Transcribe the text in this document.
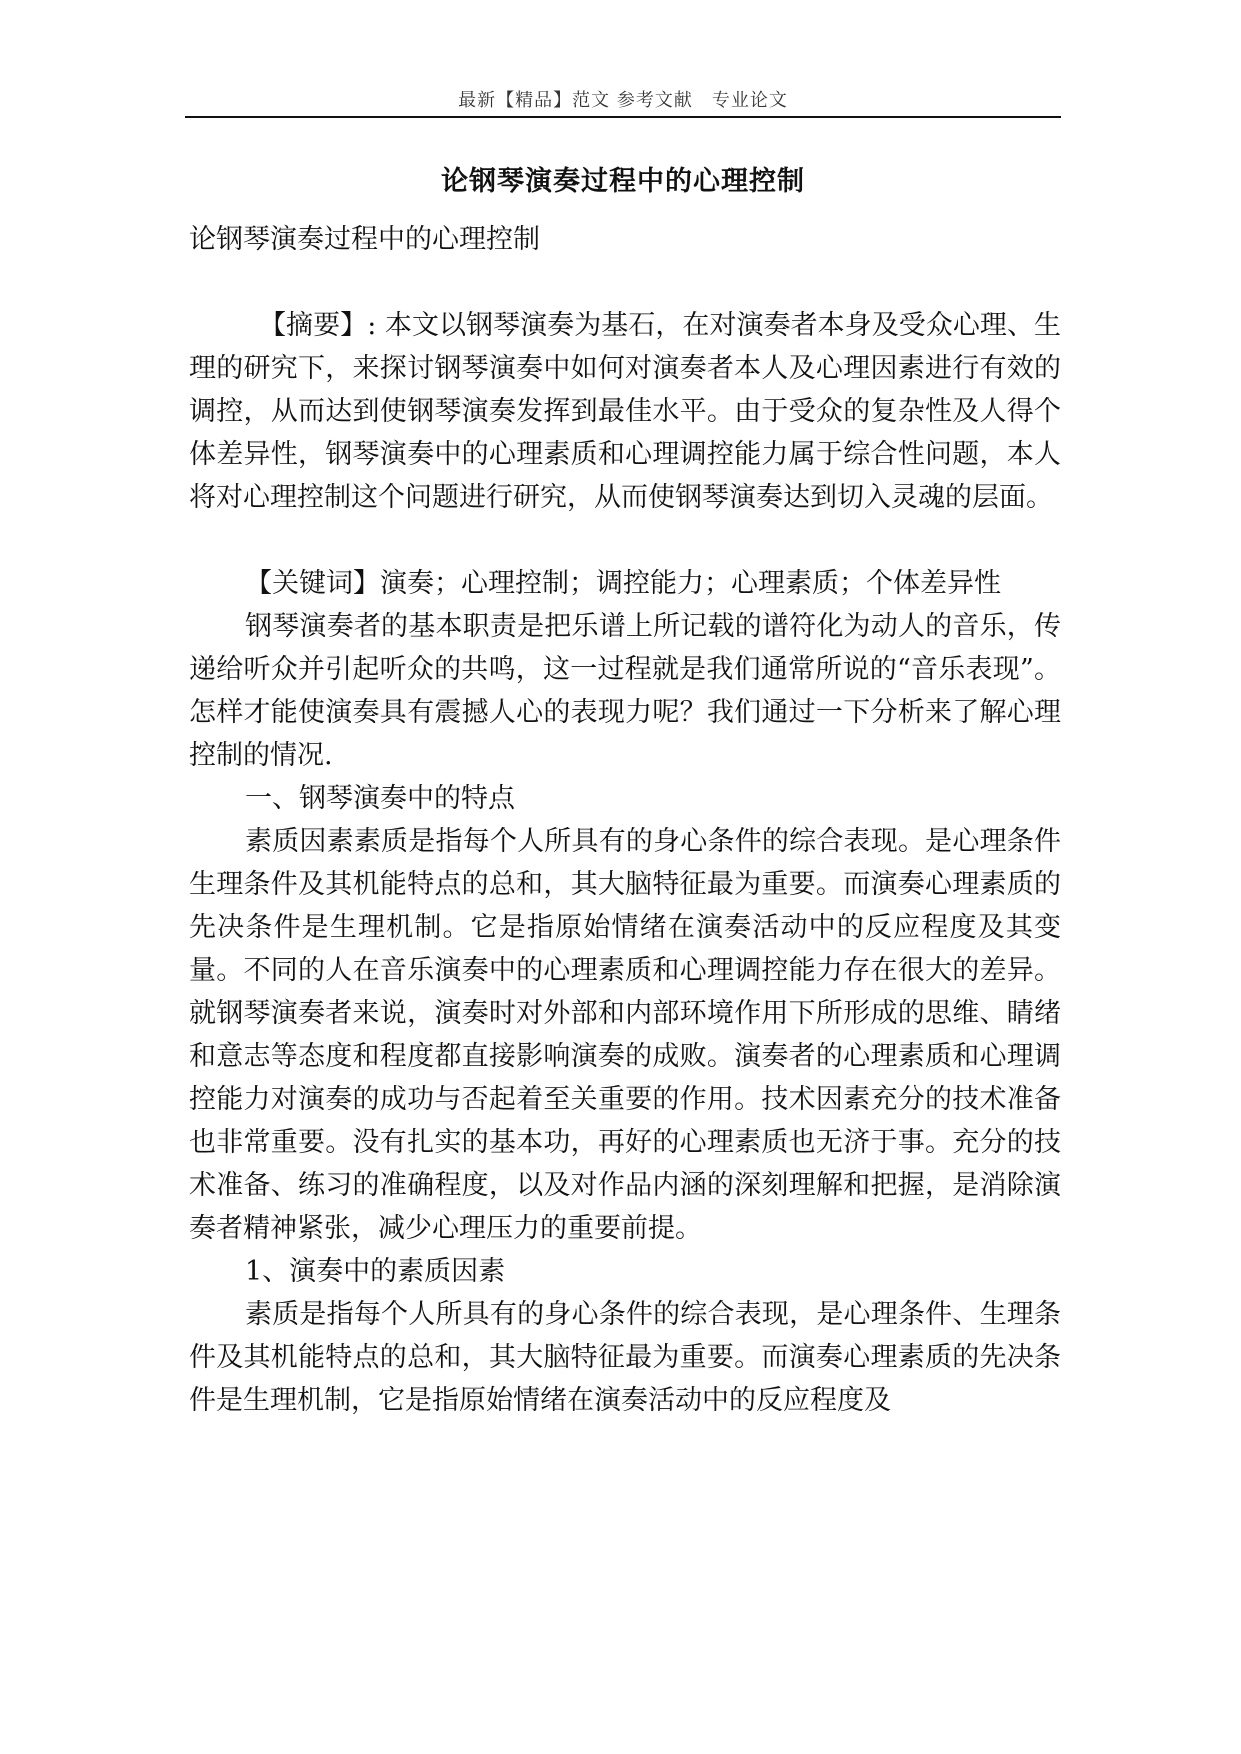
最新【精品】范文 参考文献　专业论文
论钢琴演奏过程中的心理控制

论钢琴演奏过程中的心理控制

【摘要】: 本文以钢琴演奏为基石，在对演奏者本身及受众心理、生理的研究下，来探讨钢琴演奏中如何对演奏者本人及心理因素进行有效的调控，从而达到使钢琴演奏发挥到最佳水平。由于受众的复杂性及人得个体差异性，钢琴演奏中的心理素质和心理调控能力属于综合性问题，本人将对心理控制这个问题进行研究，从而使钢琴演奏达到切入灵魂的层面。

【关键词】演奏；心理控制；调控能力；心理素质；个体差异性

钢琴演奏者的基本职责是把乐谱上所记载的谱符化为动人的音乐，传递给听众并引起听众的共鸣，这一过程就是我们通常所说的“音乐表现”。怎样才能使演奏具有震撼人心的表现力呢？我们通过一下分析来了解心理控制的情况.

一、钢琴演奏中的特点

素质因素素质是指每个人所具有的身心条件的综合表现。是心理条件生理条件及其机能特点的总和，其大脑特征最为重要。而演奏心理素质的先决条件是生理机制。它是指原始情绪在演奏活动中的反应程度及其变量。不同的人在音乐演奏中的心理素质和心理调控能力存在很大的差异。就钢琴演奏者来说，演奏时对外部和内部环境作用下所形成的思维、睛绪和意志等态度和程度都直接影响演奏的成败。演奏者的心理素质和心理调控能力对演奏的成功与否起着至关重要的作用。技术因素充分的技术准备也非常重要。没有扎实的基本功，再好的心理素质也无济于事。充分的技术准备、练习的准确程度，以及对作品内涵的深刻理解和把握，是消除演奏者精神紧张，减少心理压力的重要前提。

1、演奏中的素质因素

素质是指每个人所具有的身心条件的综合表现，是心理条件、生理条件及其机能特点的总和，其大脑特征最为重要。而演奏心理素质的先决条件是生理机制，它是指原始情绪在演奏活动中的反应程度及
